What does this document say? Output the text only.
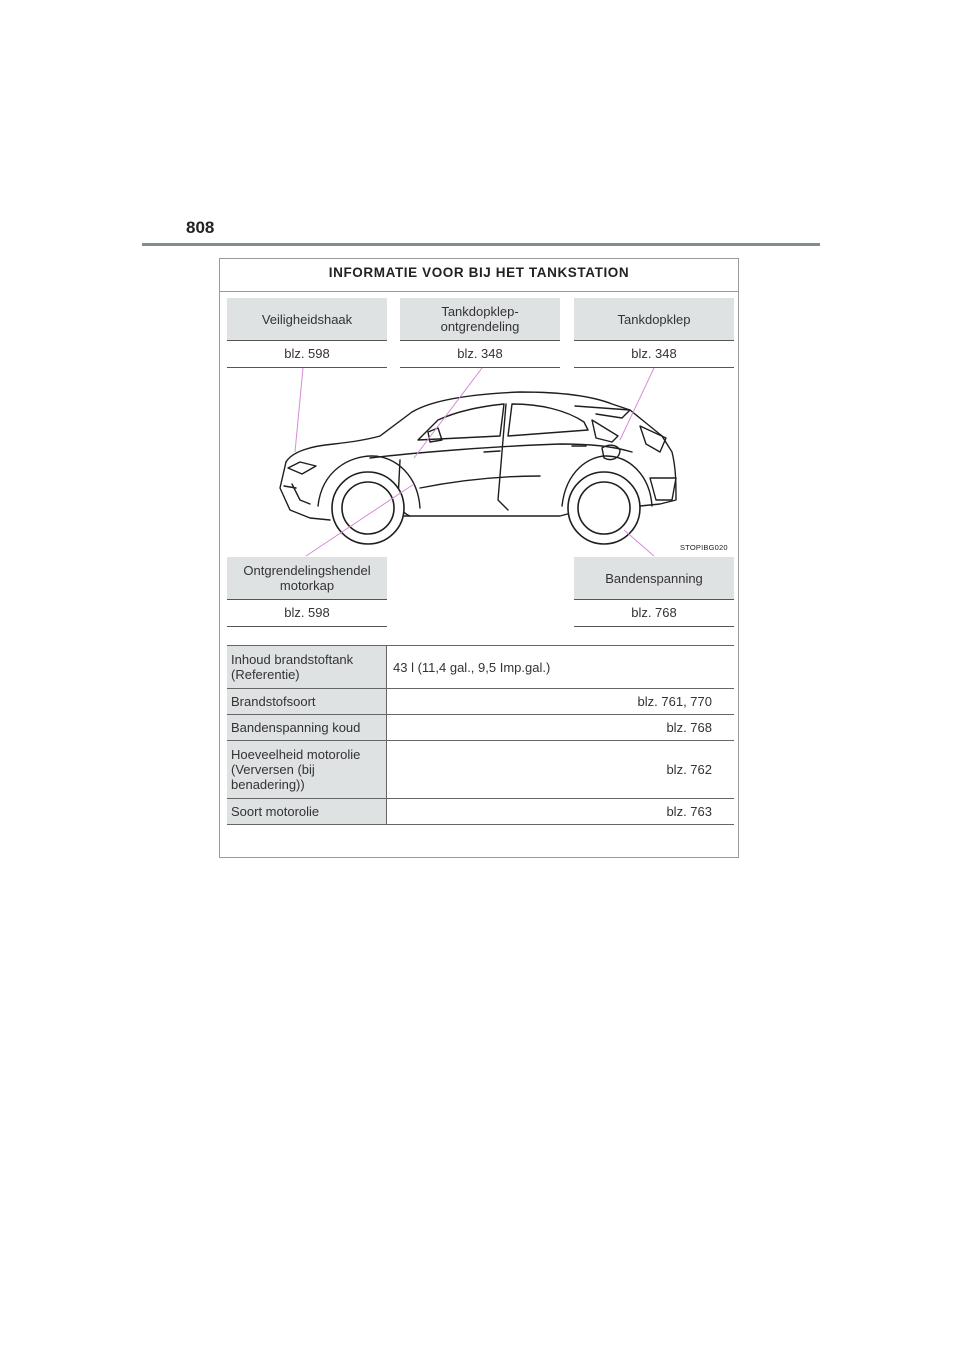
808
INFORMATIE VOOR BIJ HET TANKSTATION
Veiligheidshaak
blz. 598
Tankdopklep-
ontgrendeling
blz. 348
Tankdopklep
blz. 348
STOPIBG020
Ontgrendelingshendel
motorkap
blz. 598
Bandenspanning
blz. 768
Inhoud brandstoftank
(Referentie)	43 l (11,4 gal., 9,5 Imp.gal.)
Brandstofsoort	blz. 761, 770
Bandenspanning koud	blz. 768
Hoeveelheid motorolie
(Verversen (bij
benadering))	blz. 762
Soort motorolie	blz. 763
